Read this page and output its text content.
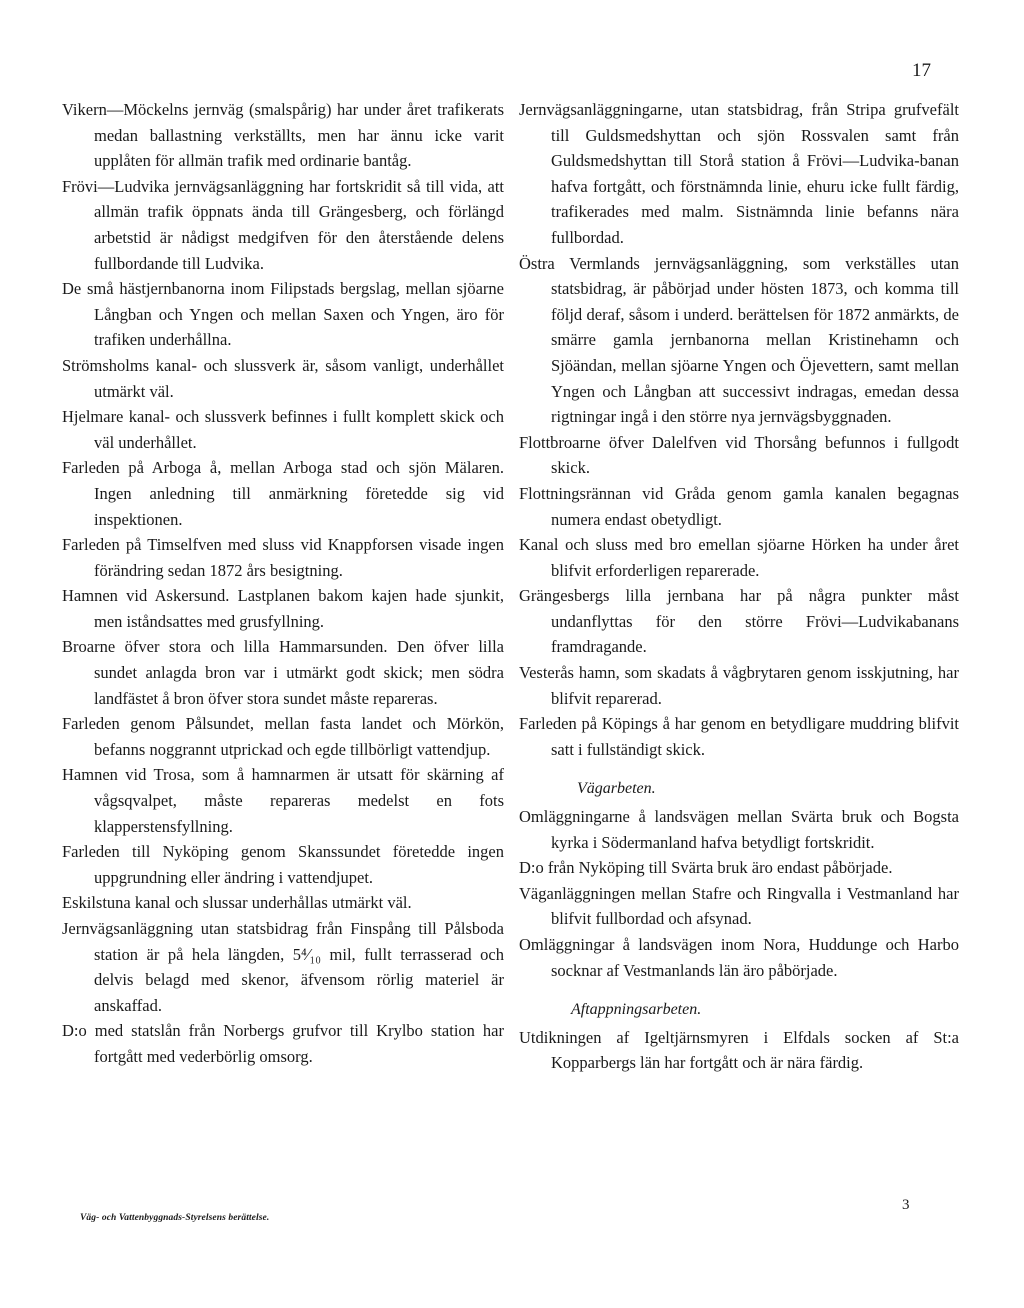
17

Vikern—Möckelns jernväg (smalspårig) har under året trafikerats medan ballastning verkställts, men har ännu icke varit upplåten för allmän trafik med ordinarie bantåg.

Frövi—Ludvika jernvägsanläggning har fortskridit så till vida, att allmän trafik öppnats ända till Grängesberg, och förlängd arbetstid är nådigst medgifven för den återstående delens fullbordande till Ludvika.

De små hästjernbanorna inom Filipstads bergslag, mellan sjöarne Långban och Yngen och mellan Saxen och Yngen, äro för trafiken underhållna.

Strömsholms kanal- och slussverk är, såsom vanligt, underhållet utmärkt väl.

Hjelmare kanal- och slussverk befinnes i fullt komplett skick och väl underhållet.

Farleden på Arboga å, mellan Arboga stad och sjön Mälaren. Ingen anledning till anmärkning företedde sig vid inspektionen.

Farleden på Timselfven med sluss vid Knappforsen visade ingen förändring sedan 1872 års besigtning.

Hamnen vid Askersund. Lastplanen bakom kajen hade sjunkit, men iståndsattes med grusfyllning.

Broarne öfver stora och lilla Hammarsunden. Den öfver lilla sundet anlagda bron var i utmärkt godt skick; men södra landfästet å bron öfver stora sundet måste repareras.

Farleden genom Pålsundet, mellan fasta landet och Mörkön, befanns noggrannt utprickad och egde tillbörligt vattendjup.

Hamnen vid Trosa, som å hamnarmen är utsatt för skärning af vågsqvalpet, måste repareras medelst en fots klapperstensfyllning.

Farleden till Nyköping genom Skanssundet företedde ingen uppgrundning eller ändring i vattendjupet.

Eskilstuna kanal och slussar underhållas utmärkt väl.

Jernvägsanläggning utan statsbidrag från Finspång till Pålsboda station är på hela längden, 5⁴⁄₁₀ mil, fullt terrasserad och delvis belagd med skenor, äfvensom rörlig materiel är anskaffad.

D:o med statslån från Norbergs grufvor till Krylbo station har fortgått med vederbörlig omsorg.

Jernvägsanläggningarne, utan statsbidrag, från Stripa grufvefält till Guldsmedshyttan och sjön Rossvalen samt från Guldsmedshyttan till Storå station å Frövi—Ludvika-banan hafva fortgått, och förstnämnda linie, ehuru icke fullt färdig, trafikerades med malm. Sistnämnda linie befanns nära fullbordad.

Östra Vermlands jernvägsanläggning, som verkställes utan statsbidrag, är påbörjad under hösten 1873, och komma till följd deraf, såsom i underd. berättelsen för 1872 anmärkts, de smärre gamla jernbanorna mellan Kristinehamn och Sjöändan, mellan sjöarne Yngen och Öjevettern, samt mellan Yngen och Långban att successivt indragas, emedan dessa rigtningar ingå i den större nya jernvägsbyggnaden.

Flottbroarne öfver Dalelfven vid Thorsång befunnos i fullgodt skick.

Flottningsrännan vid Gråda genom gamla kanalen begagnas numera endast obetydligt.

Kanal och sluss med bro emellan sjöarne Hörken ha under året blifvit erforderligen reparerade.

Grängesbergs lilla jernbana har på några punkter måst undanflyttas för den större Frövi—Ludvikabanans framdragande.

Vesterås hamn, som skadats å vågbrytaren genom isskjutning, har blifvit reparerad.

Farleden på Köpings å har genom en betydligare muddring blifvit satt i fullständigt skick.

Vägarbeten.

Omläggningarne å landsvägen mellan Svärta bruk och Bogsta kyrka i Södermanland hafva betydligt fortskridit.

D:o från Nyköping till Svärta bruk äro endast påbörjade.

Väganläggningen mellan Stafre och Ringvalla i Vestmanland har blifvit fullbordad och afsynad.

Omläggningar å landsvägen inom Nora, Huddunge och Harbo socknar af Vestmanlands län äro påbörjade.

Aftappningsarbeten.

Utdikningen af Igeltjärnsmyren i Elfdals socken af St:a Kopparbergs län har fortgått och är nära färdig.

3
Väg- och Vattenbyggnads-Styrelsens berättelse.
